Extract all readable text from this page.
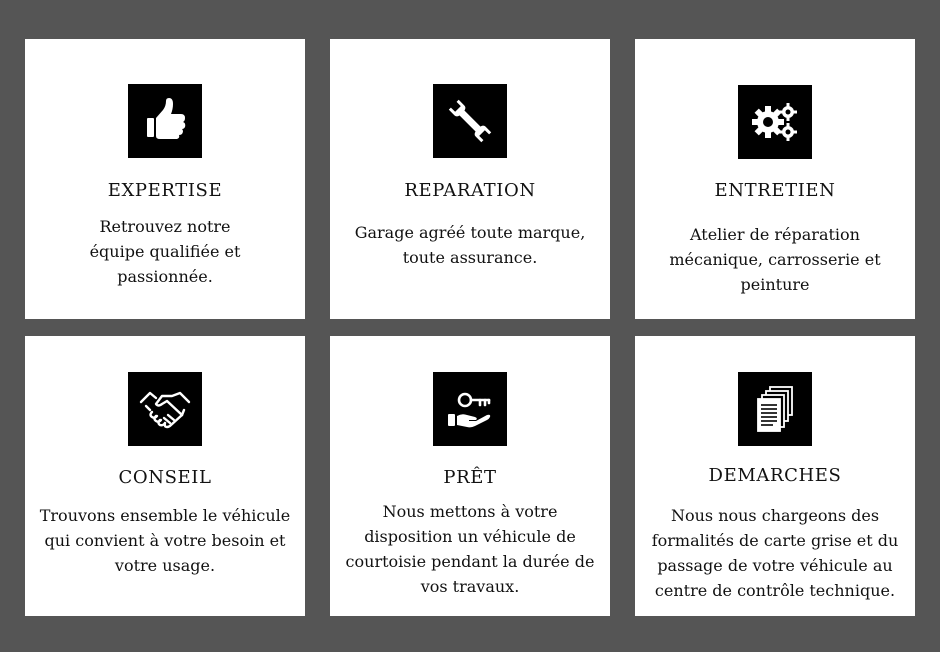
EXPERTISE

Retrouvez notre équipe qualifiée et passionnée.

REPARATION

Garage agréé toute marque, toute assurance.

ENTRETIEN

Atelier de réparation mécanique, carrosserie et peinture

CONSEIL

Trouvons ensemble le véhicule qui convient à votre besoin et votre usage.

PRÊT

Nous mettons à votre disposition un véhicule de courtoisie pendant la durée de vos travaux.

DEMARCHES

Nous nous chargeons des formalités de carte grise et du passage de votre véhicule au centre de contrôle technique.
